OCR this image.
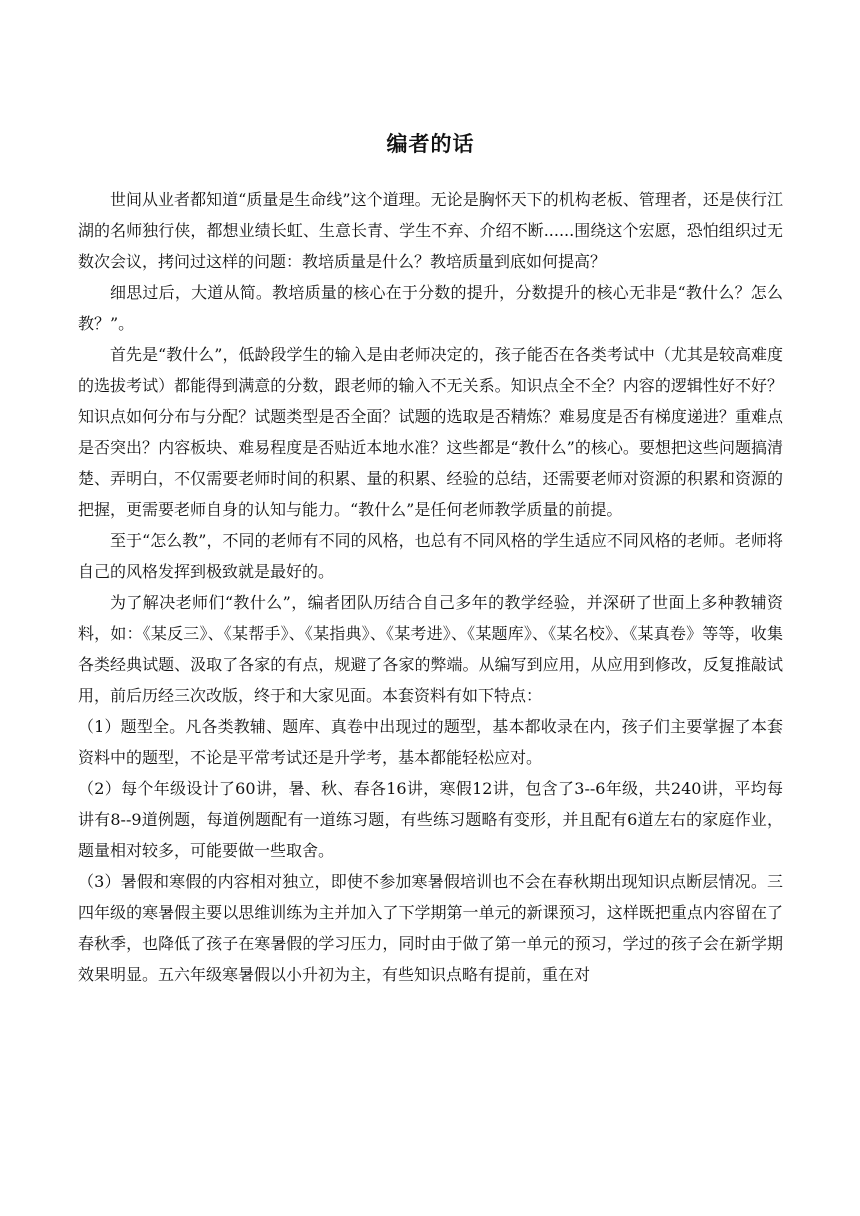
编者的话

世间从业者都知道“质量是生命线”这个道理。无论是胸怀天下的机构老板、管理者，还是侠行江湖的名师独行侠，都想业绩长虹、生意长青、学生不弃、介绍不断......围绕这个宏愿，恐怕组织过无数次会议，拷问过这样的问题：教培质量是什么？教培质量到底如何提高？

细思过后，大道从简。教培质量的核心在于分数的提升，分数提升的核心无非是“教什么？怎么教？”。

首先是“教什么”，低龄段学生的输入是由老师决定的，孩子能否在各类考试中（尤其是较高难度的选拔考试）都能得到满意的分数，跟老师的输入不无关系。知识点全不全？内容的逻辑性好不好？知识点如何分布与分配？试题类型是否全面？试题的选取是否精炼？难易度是否有梯度递进？重难点是否突出？内容板块、难易程度是否贴近本地水准？这些都是“教什么”的核心。要想把这些问题搞清楚、弄明白，不仅需要老师时间的积累、量的积累、经验的总结，还需要老师对资源的积累和资源的把握，更需要老师自身的认知与能力。“教什么”是任何老师教学质量的前提。

至于“怎么教”，不同的老师有不同的风格，也总有不同风格的学生适应不同风格的老师。老师将自己的风格发挥到极致就是最好的。

为了解决老师们“教什么”，编者团队历结合自己多年的教学经验，并深研了世面上多种教辅资料，如：《某反三》、《某帮手》、《某指典》、《某考进》、《某题库》、《某名校》、《某真卷》等等，收集各类经典试题、汲取了各家的有点，规避了各家的弊端。从编写到应用，从应用到修改，反复推敲试用，前后历经三次改版，终于和大家见面。本套资料有如下特点：

（1）题型全。凡各类教辅、题库、真卷中出现过的题型，基本都收录在内，孩子们主要掌握了本套资料中的题型，不论是平常考试还是升学考，基本都能轻松应对。

（2）每个年级设计了60讲，暑、秋、春各16讲，寒假12讲，包含了3--6年级，共240讲，平均每讲有8--9道例题，每道例题配有一道练习题，有些练习题略有变形，并且配有6道左右的家庭作业，题量相对较多，可能要做一些取舍。

（3）暑假和寒假的内容相对独立，即使不参加寒暑假培训也不会在春秋期出现知识点断层情况。三四年级的寒暑假主要以思维训练为主并加入了下学期第一单元的新课预习，这样既把重点内容留在了春秋季，也降低了孩子在寒暑假的学习压力，同时由于做了第一单元的预习，学过的孩子会在新学期效果明显。五六年级寒暑假以小升初为主，有些知识点略有提前，重在对
